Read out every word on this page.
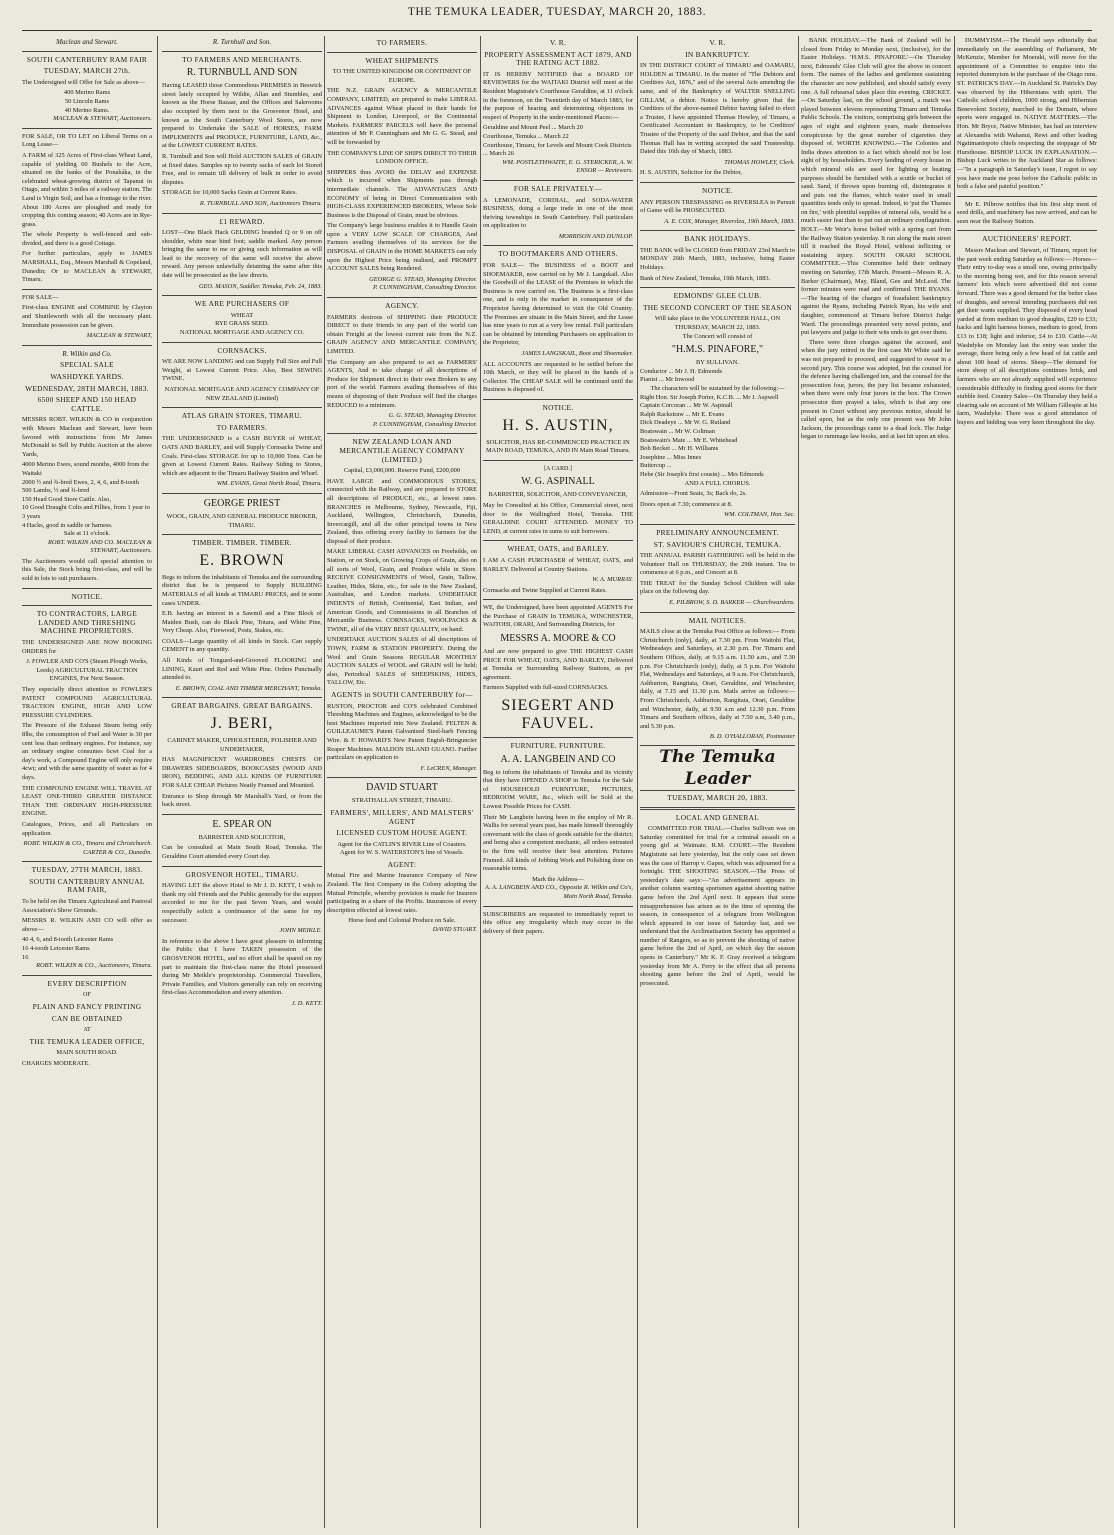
THE TEMUKA LEADER, TUESDAY, MARCH 20, 1883.
Maclean and Stewart.
SOUTH CANTERBURY RAM FAIR
TUESDAY, MARCH 27th.
The Undersigned will Offer for Sale as above—
400 Merino Rams
50 Lincoln Rams
40 Merino Rams.
MACLEAN & STEWART, Auctioneers.
FOR SALE, OR TO LET on Liberal Terms on a Long Lease—
A FARM of 325 Acres of First-class Wheat Land, capable of yielding 60 Bushels to the Acre, situated on the banks of the Ponaháka, in the celebrated wheat-growing district of Tapanui in Otago, and within 3 miles of a railway station. The Land is Virgin Soil, and has a frontage to the river. About 180 Acres are ploughed and ready for cropping this coming season; 40 Acres are in Rye-grass.
The whole Property is well-fenced and sub-divided, and there is a good Cottage.
For further particulars, apply to JAMES MARSHALL, Esq., Messrs Marshall & Copeland, Dunedin; Or to MACLEAN & STEWART, Timaru.
FOR SALE—
First-class ENGINE and COMBINE by Clayton and Shuttleworth with all the necessary plant. Immediate possession can be given.
MACLEAN & STEWART,
R. Wilkin and Co.
SPECIAL SALE
WASHDYKE YARDS.
WEDNESDAY, 28TH MARCH, 1883.
6500 SHEEP AND 150 HEAD CATTLE.
MESSRS ROBT. WILKIN & CO in conjunction with Messrs Maclean and Stewart, have been favored with instructions from Mr James McDonald to Sell by Public Auction at the above Yards,
4000 Merino Ewes, sound months, 4000 from the Waitaki
2000 ½ and ¾-bred Ewes, 2, 4, 6, and 8-tooth
500 Lambs, ½ and ¾-bred
150 Head Good Store Cattle. Also,
10 Good Draught Colts and Fillies, from 1 year to 3 years
4 Hacks, good in saddle or harness.
Sale at 11 o'clock.
ROBT. WILKIN AND CO. MACLEAN & STEWART, Auctioneers.
The Auctioneers would call special attention to this Sale, the Stock being first-class, and will be sold in lots to suit purchasers.
NOTICE.
TO CONTRACTORS, LARGE LANDED AND THRESHING MACHINE PROPRIETORS.
THE UNDERSIGNED ARE NOW BOOKING ORDERS for
J. FOWLER AND CO'S (Steam Plough Works, Leeds) AGRICULTURAL TRACTION ENGINES, For Next Season.
They especially direct attention to FOWLER'S PATENT COMPOUND AGRICULTURAL TRACTION ENGINE, HIGH AND LOW PRESSURE CYLINDERS.
The Pressure of the Exhaust Steam being only 8lbs, the consumption of Fuel and Water is 30 per cent less than ordinary engines. For instance, say an ordinary engine consumes 6cwt Coal for a day's work, a Compound Engine will only require 4cwt; and with the same quantity of water as for 4 days.
THE COMPOUND ENGINE WILL TRAVEL AT LEAST ONE-THIRD GREATER DISTANCE THAN THE ORDINARY HIGH-PRESSURE ENGINE.
Catalogues, Prices, and all Particulars on application.
ROBT. WILKIN & CO., Timaru and Christchurch. CARTER & CO., Dunedin.
TUESDAY, 27TH MARCH, 1883.
SOUTH CANTERBURY ANNUAL RAM FAIR,
To be held on the Timaru Agricultural and Pastoral Association's Show Grounds.
MESSRS R. WILKIN AND CO will offer as above—
40 4, 6, and 8-tooth Leicester Rams
16 4-tooth Leicester Rams
16
ROBT. WILKIN & CO., Auctioneers, Timaru.
EVERY DESCRIPTION
OF
PLAIN AND FANCY PRINTING
CAN BE OBTAINED
AT
THE TEMUKA LEADER OFFICE,
MAIN SOUTH ROAD.
CHARGES MODERATE.
R. Turnbull and Son.
TO FARMERS AND MERCHANTS.
R. TURNBULL AND SON
Having LEASED those Commodious PREMISES in Beswick street lately occupied by Wildie, Allan and Stumbles, and known as the Horse Bazaar, and the Offices and Salerooms also occupied by them next to the Grosvenor Hotel, and known as the South Canterbury Wool Stores, are now prepared to Undertake the SALE of HORSES, FARM IMPLEMENTS and PRODUCE, FURNITURE, LAND, &c., at the LOWEST CURRENT RATES.
R. Turnbull and Son will Hold AUCTION SALES of GRAIN at fixed dates. Samples up to twenty sacks of each lot Stored Free, and to remain till delivery of bulk in order to avoid disputes.
STORAGE for 10,000 Sacks Grain at Current Rates.
R. TURNBULL AND SON, Auctioneers Timaru.
£1 REWARD.
LOST—One Black Hack GELDING branded Q or 9 on off shoulder, white near hind foot; saddle marked. Any person bringing the same to me or giving such information as will lead to the recovery of the same will receive the above reward. Any person unlawfully detaining the same after this date will be prosecuted as the law directs.
GEO. MASON, Saddler. Temuka, Feb. 24, 1883.
WE ARE PURCHASERS OF
WHEAT
RYE GRASS SEED.
NATIONAL MORTGAGE AND AGENCY CO.
CORNSACKS.
WE ARE NOW LANDING and can Supply Full Size and Full Weight, at Lowest Current Price. Also, Best SEWING TWINE.
NATIONAL MORTGAGE AND AGENCY COMPANY OF NEW ZEALAND (Limited)
ATLAS GRAIN STORES, TIMARU.
TO FARMERS.
THE UNDERSIGNED is a CASH BUYER of WHEAT, OATS AND BARLEY, and will Supply Cornsacks Twine and Coals. First-class STORAGE for up to 10,000 Tons. Can be given at Lowest Current Rates. Railway Siding to Stores, which are adjacent to the Timaru Railway Station and Wharf.
WM. EVANS, Great North Road, Timaru.
GEORGE PRIEST
WOOL, GRAIN, AND GENERAL PRODUCE BROKER, TIMARU.
TIMBER. TIMBER. TIMBER.
E. BROWN
Begs to inform the inhabitants of Temuka and the surrounding district that he is prepared to Supply BUILDING MATERIALS of all kinds at TIMARU PRICES, and in some cases UNDER.
E.B. having an interest in a Sawmil and a Fine Block of Maiden Bush, can do Black Pine, Totara, and White Pine, Very Cheap. Also, Firewood, Posts, Stakes, etc.
COALS—Large quantity of all kinds in Stock. Can supply CEMENT in any quantity.
All Kinds of Tongued-and-Grooved FLOORING and LINING, Kauri and Red and White Pine. Orders Punctually attended to.
E. BROWN, COAL AND TIMBER MERCHANT, Temuka.
GREAT BARGAINS. GREAT BARGAINS.
J. BERI,
CABINET MAKER, UPHOLSTERER, POLISHER AND UNDERTAKER,
HAS MAGNIFICENT WARDROBES CHESTS OF DRAWERS SIDEBOARDS, BOOKCASES (WOOD AND IRON), BEDDING, AND ALL KINDS OF FURNITURE FOR SALE CHEAP. Pictures Neatly Framed and Mounted.
Entrance to Shop through Mr Marshall's Yard, or from the back street.
E. SPEAR ON
BARRISTER AND SOLICITOR,
Can be consulted at Main South Road, Temuka. The Geraldine Court attended every Court day.
GROSVENOR HOTEL, TIMARU.
HAVING LET the above Hotel to Mr J. D. KETT, I wish to thank my old Friends and the Public generally for the support accorded to me for the past Seven Years, and would respectfully solicit a continuance of the same for my successor.
JOHN MEIKLE.
In reference to the above I have great pleasure in informing the Public that I have TAKEN possession of the GROSVENOR HOTEL, and no effort shall be spared on my part to maintain the first-class name the Hotel possessed during Mr Meikle's proprietorship. Commercial Travellers, Private Families, and Visitors generally can rely on receiving first-class Accommodation and every attention.
J. D. KETT.
TO FARMERS.
WHEAT SHIPMENTS
TO THE UNITED KINGDOM OR CONTINENT OF EUROPE.
THE N.Z. GRAIN AGENCY & MERCANTILE COMPANY, LIMITED, are prepared to make LIBERAL ADVANCES against Wheat placed in their hands for Shipment to London, Liverpool, or the Continental Markets. FARMERS' PARCELS will have the personal attention of Mr P. Cunningham and Mr G. G. Stead, and will be forwarded by
THE COMPANY'S LINE OF SHIPS DIRECT TO THEIR LONDON OFFICE.
SHIPPERS thus AVOID the DELAY and EXPENSE which is incurred when Shipments pass through intermediate channels. The ADVANTAGES AND ECONOMY of being in Direct Communication with HIGH-CLASS EXPERIENCED BROKERS, Whose Sole Business is the Disposal of Grain, must be obvious.
The Company's large business enables it to Handle Grain upon a VERY LOW SCALE OF CHARGES, And Farmers availing themselves of its services for the DISPOSAL of GRAIN in the HOME MARKETS can rely upon the Highest Price being realised, and PROMPT ACCOUNT SALES being Rendered.
GEORGE G. STEAD, Managing Director.
P. CUNNINGHAM, Consulting Director.
AGENCY.
FARMERS desirous of SHIPPING their PRODUCE DIRECT to their friends in any part of the world can obtain Freight at the lowest current rate from the N.Z. GRAIN AGENCY AND MERCANTILE COMPANY, LIMITED.
The Company are also prepared to act as FARMERS' AGENTS, And to take charge of all descriptions of Produce for Shipment direct to their own Brokers to any port of the world. Farmers availing themselves of this means of disposing of their Produce will find the charges REDUCED to a minimum.
G. G. STEAD, Managing Director.
P. CUNNINGHAM, Consulting Director.
NEW ZEALAND LOAN AND MERCANTILE AGENCY COMPANY (LIMITED.)
Capital, £3,000,000. Reserve Fund, £200,000
HAVE LARGE and COMMODIOUS STORES, connected with the Railway, and are prepared to STORE all descriptions of PRODUCE, etc., at lowest rates. BRANCHES in Melbourne, Sydney, Newcastle, Fiji, Auckland, Wellington, Christchurch, Dunedin, Invercargill, and all the other principal towns in New Zealand, thus offering every facility to farmers for the disposal of their produce.
MAKE LIBERAL CASH ADVANCES on Freeholds, on Station, or on Stock, on Growing Crops of Grain, also on all sorts of Wool, Grain, and Produce while in Store. RECEIVE CONSIGNMENTS of Wool, Grain, Tallow, Leather, Hides, Skins, etc., for sale in the New Zealand, Australian, and London markets. UNDERTAKE INDENTS of British, Continental, East Indian, and American Goods, and Commissions in all Branches of Mercantile Business. CORNSACKS, WOOLPACKS & TWINE, all of the VERY BEST QUALITY, on hand.
UNDERTAKE AUCTION SALES of all descriptions of TOWN, FARM & STATION PROPERTY. During the Wool and Grain Seasons REGULAR MONTHLY AUCTION SALES of WOOL and GRAIN will be held; also, Periodical SALES of SHEEPSKINS, HIDES, TALLOW, Etc.
AGENTS in SOUTH CANTERBURY for—
RUSTON, PROCTOR and CO'S celebrated Combined Threshing Machines and Engines, acknowledged to be the best Machines imported into New Zealand. FELTEN & GUILLEAUME'S Patent Galvanised Steel-barb Fencing Wire. & F. HOWARD'S New Patent Engish-Bringuncier Reaper Machines. MALDON ISLAND GUANO. Further particulars on application to
F. LeCREN, Manager.
DAVID STUART
STRATHALLAN STREET, TIMARU.
FARMERS', MILLERS', AND MALSTERS' AGENT
LICENSED CUSTOM HOUSE AGENT.
Agent for the CATLIN'S RIVER Line of Coasters.
Agent for W. S. WATERSTON'S line of Vessels.
AGENT:
Mutual Fire and Marine Insurance Company of New Zealand. The first Company in the Colony adopting the Mutual Principle, whereby provision is made for Insurers participating in a share of the Profits. Insurances of every description effected at lowest rates.
Horse feed and Colonial Produce on Sale.
DAVID STUART.
V. R.
PROPERTY ASSESSMENT ACT 1879, AND THE RATING ACT 1882.
IT IS HEREBY NOTIFIED that a BOARD OF REVIEWERS for the WAITAKI District will meet at the Resident Magistrate's Courthouse Geraldine, at 11 o'clock in the forenoon, on the Twentieth day of March 1883, for the purpose of hearing and determining objections in respect of Property in the under-mentioned Places:—
Geraldine and Mount Peel ... March 20
Courthouse, Temuka ... March 22
Courthouse, Timaru, for Levels and Mount Cook Districts ... March 26
WM. POSTLETHWAITE, E. G. STERICKER, A. W. ENSOR — Reviewers.
FOR SALE PRIVATELY—
A LEMONADE, CORDIAL, and SODA-WATER BUSINESS, doing a large trade in one of the most thriving townships in South Canterbury. Full particulars on application to
MORRISON AND DUNLOP.
TO BOOTMAKERS AND OTHERS.
FOR SALE— The BUSINESS of a BOOT and SHOEMAKER, now carried on by Mr J. Langskail. Also the Goodwill of the LEASE of the Premises in which the Business is now carried on. The Business is a first-class one, and is only in the market in consequence of the Proprietor having determined to visit the Old Country. The Premises are situate in the Main Street, and the Lease has nine years to run at a very low rental. Full particulars can be obtained by intending Purchasers on application to the Proprietor,
JAMES LANGSKAIL, Boot and Shoemaker.
ALL ACCOUNTS are requested to be settled before the 10th March, or they will be placed in the hands of a Collector. The CHEAP SALE will be continued until the Business is disposed of.
NOTICE.
H. S. AUSTIN,
SOLICITOR, HAS RE-COMMENCED PRACTICE IN MAIN ROAD, TEMUKA, AND IN Main Road Timaru.
[A CARD.]
W. G. ASPINALL
BARRISTER, SOLICITOR, AND CONVEYANCER,
May be Consulted at his Office, Commercial street, next door to the Wallingford Hotel, Temuka. THE GERALDINE COURT ATTENDED. MONEY TO LEND, at current rates in sums to suit borrowers.
WHEAT, OATS, and BARLEY.
I AM A CASH PURCHASER of WHEAT, OATS, and BARLEY. Delivered at Country Stations.
W. A. MURRAY.
Cornsacks and Twine Supplied at Current Rates.
WE, the Undersigned, have been appointed AGENTS For the Purchase of GRAIN In TEMUKA, WINCHESTER, WAITOHI, ORARI, And Surrounding Districts, for
MESSRS A. MOORE & CO
And are now prepared to give THE HIGHEST CASH PRICE FOR WHEAT, OATS, AND BARLEY, Delivered at Temuka or Surrounding Railway Stations, as per agreement.
Farmers Supplied with full-sized CORNSACKS.
SIEGERT AND FAUVEL.
FURNITURE. FURNITURE.
A. A. LANGBEIN AND CO
Beg to inform the inhabitants of Temuka and its vicinity that they have OPENED A SHOP in Temuka for the Sale of HOUSEHOLD FURNITURE, PICTURES, BEDROOM WARE, &c., which will be Sold at the Lowest Possible Prices for CASH.
Their Mr Langbein having been in the employ of Mr R. Wallis for several years past, has made himself thoroughly conversant with the class of goods suitable for the district; and being also a competent mechanic, all orders entrusted to the firm will receive their best attention. Pictures Framed. All kinds of Jobbing Work and Polishing done on reasonable terms.
Mark the Address—
A. A. LANGBEIN AND CO., Opposite R. Wilkin and Co's, Main North Road, Temuka.
SUBSCRIBERS are requested to immediately report to this office any irregularity which may occur in the delivery of their papers.
V. R.
IN BANKRUPTCY.
IN THE DISTRICT COURT of TIMARU and OAMARU, HOLDEN at TIMARU. In the matter of "The Debtors and Creditors Act, 1876," and of the several Acts amending the same, and of the Bankruptcy of WALTER SNELLING GILLAM, a debtor. Notice is hereby given that the Creditors of the above-named Debtor having failed to elect a Trustee, I have appointed Thomas Howley, of Timaru, a Certificated Accountant in Bankruptcy, to be Creditors' Trustee of the Property of the said Debtor, and that the said Thomas Hall has in writing accepted the said Trusteeship. Dated this 16th day of March, 1883.
THOMAS HOWLEY, Clerk.
H. S. AUSTIN, Solicitor for the Debtor,
NOTICE.
ANY PERSON TRESPASSING on RIVERSLEA in Pursuit of Game will be PROSECUTED.
A. E. COX, Manager, Riverslea, 19th March, 1883.
BANK HOLIDAYS.
THE BANK will be CLOSED from FRIDAY 23rd March to MONDAY 26th March, 1883, inclusive, being Easter Holidays.
Bank of New Zealand, Temuka, 19th March, 1883.
EDMONDS' GLEE CLUB.
THE SECOND CONCERT OF THE SEASON
Will take place in the VOLUNTEER HALL, ON THURSDAY, MARCH 22, 1883.
The Concert will consist of
"H.M.S. PINAFORE,"
BY SULLIVAN.
Conductor ... Mr J. H. Edmonds
Pianist ... Mr Inwood
The characters will be sustained by the following:—
Right Hon. Sir Joseph Porter, K.C.B. ... Mr J. Aspwell
Captain Corcoran ... Mr W. Aspinall
Ralph Rackstraw ... Mr E. Evans
Dick Deadeye ... Mr W. G. Rutland
Boatswain ... Mr W. Coltman
Boatswain's Mate ... Mr E. Whitehead
Bob Becket ... Mr H. Williams
Josephine ... Miss Innes
Buttercup ...
Hebe (Sir Joseph's first cousin) ... Mrs Edmonds
AND A FULL CHORUS.
Admission—Front Seats, 3s; Back do, 2s.
Doors open at 7.30; commence at 8.
WM. COLTMAN, Hon. Sec.
PRELIMINARY ANNOUNCEMENT.
ST. SAVIOUR'S CHURCH, TEMUKA.
THE ANNUAL PARISH GATHERING will be held in the Volunteer Hall on THURSDAY, the 29th instant. Tea to commence at 6 p.m., and Concert at 8.
THE TREAT for the Sunday School Children will take place on the following day.
E. PILBROW, S. D. BARKER — Churchwardens.
MAIL NOTICES.
MAILS close at the Temuka Post Office as follows:— From Christchurch (only), daily, at 7.30 pm. From Waitohi Flat, Wednesdays and Saturdays, at 2.30 p.m. For Timaru and Southern Offices, daily, at 9.15 a.m. 11.50 a.m., and 7.30 p.m. For Christchurch (only), daily, at 5 p.m. For Waitohi Flat, Wednesdays and Saturdays, at 9 a.m. For Christchurch, Ashburton, Rangitata, Orari, Geraldine, and Winchester, daily, at 7.15 and 11.30 p.m. Mails arrive as follows:— From Christchurch, Ashburton, Rangitata, Orari, Geraldine and Winchester, daily, at 9.50 a.m and 12.30 p.m. From Timaru and Southern offices, daily at 7.50 a.m, 3.40 p.m., and 5.30 p.m.
B. D. O'HALLORAN, Postmaster
The Temuka Leader
TUESDAY, MARCH 20, 1883.
LOCAL AND GENERAL
COMMITTED FOR TRIAL.—Charles Sullivan was on Saturday committed for trial for a criminal assault on a young girl at Waimate. R.M. COURT.—The Resident Magistrate sat here yesterday, but the only case set down was the case of Harrop v. Gapes, which was adjourned for a fortnight. THE SHOOTING SEASON.—The Press of yesterday's date says:—"An advertisement appears in another column warning sportsmen against shooting native game before the 2nd April next. It appears that some misapprehension has arisen as to the time of opening the season, in consequence of a telegram from Wellington which appeared in our issue of Saturday last, and we understand that the Acclimatisation Society has appointed a number of Rangers, so as to prevent the shooting of native game before the 2nd of April, on which day the season opens in Canterbury." Mr K. F. Gray received a telegram yesterday from Mr A. Ferry to the effect that all persons shooting game before the 2nd of April, would be prosecuted.
BANK HOLIDAY.—The Bank of Zealand will be closed from Friday to Monday next, (inclusive), for the Easter Holidays. 'H.M.S. PINAFORE.'—On Thursday next, Edmonds' Glee Club will give the above in concert form. The names of the ladies and gentlemen sustaining the character are now published, and should satisfy every one. A full rehearsal takes place this evening. CRICKET.—On Saturday last, on the school ground, a match was played between elevens representing Timaru and Temuka Public Schools. The visitors, comprising girls between the ages of eight and eighteen years, made themselves conspicuous by the great number of cigarettes they disposed of. WORTH KNOWING.—The Colonies and India draws attention to a fact which should not be lost sight of by householders. Every landing of every house in which mineral oils are used for lighting or heating purposes should be furnished with a scuttle or bucket of sand. Sand, if thrown upon burning oil, disintegrates it and puts out the flames, which water used in small quantities tends only to spread. Indeed, to 'put the Thames on fire,' with plentiful supplies of mineral oils, would be a much easier feat than to put out an ordinary conflagration. BOLT.—Mr Weir's horse bolted with a spring cart from the Railway Station yesterday. It ran along the main street till it reached the Royal Hotel, without inflicting or sustaining injury. SOUTH ORARI SCHOOL COMMITTEE.—This Committee held their ordinary meeting on Saturday, 17th March. Present—Messrs R. A. Barker (Chairman), May, Bland, Gee and McLeod. The former minutes were read and confirmed. THE RYANS.—The hearing of the charges of fraudulent bankruptcy against the Ryans, including Patrick Ryan, his wife and daughter, commenced at Timaru before District Judge Ward. The proceedings presented very novel points, and put lawyers and judge to their wits ends to get over them.
There were three charges against the accused, and when the jury retired in the first case Mr White said he was not prepared to proceed, and suggested to swear in a second jury. This course was adopted, but the counsel for the defence having challenged ten, and the counsel for the prosecution four, jurors, the jury list became exhausted, when there were only four jurors in the box. The Crown prosecutor then prayed a tales, which is that any one present in Court without any previous notice, should be called upon, but as the only one present was Mr John Jackson, the proceedings came to a dead lock. The Judge began to rummage law books, and at last hit upon an idea.
DUMMYISM.—The Herald says editorially that immediately on the assembling of Parliament, Mr McKenzie, Member for Moeraki, will move for the appointment of a Committee to enquire into the reported dummyism in the purchase of the Otago runs. ST. PATRICK'S DAY.—In Auckland St. Patrick's Day was observed by the Hibernians with spirit. The Catholic school children, 1000 strong, and Hibernian Benevolent Society, marched to the Domain, where sports were engaged in. NATIVE MATTERS.—The Hon. Mr Bryce, Native Minister, has had an interview at Alexandra with Wahanui, Rewi and other leading Ngatimaniopoto chiefs respecting the stoppage of Mr Hursthouse. BISHOP LUCK IN EXPLANATION.—Bishop Luck writes to the Auckland Star as follows:—"In a paragraph in Saturday's issue, I regret to say you have made me pose before the Catholic public in both a false and painful position."
Mr E. Pilbrow notifies that his first ship ment of seed drills, and machinery has now arrived, and can be seen near the Railway Station.
AUCTIONEERS' REPORT.
Messrs Maclean and Stewart, of Timaru, report for the past week ending Saturday as follows:— Horses—Their entry to-day was a small one, owing principally to the morning being wet, and for this reason several farmers' lots which were advertised did not come forward. There was a good demand for the better class of draughts, and several intending purchasers did not get their wants supplied. They disposed of every head yarded at from medium to good draughts, £20 to £33; hacks and light harness horses, medium to good, from £13 to £18; light and inferior, £4 to £10. Cattle—At Washdyke on Monday last the entry was under the average, there being only a few head of fat cattle and about 100 head of stores. Sheep—The demand for store sheep of all descriptions continues brisk, and farmers who are not already supplied will experience considerable difficulty in finding good stores for their stubble feed. Country Sales—On Thursday they held a clearing sale on account of Mr William Gillespie at his farm, Washdyke. There was a good attendance of buyers and bidding was very keen throughout the day.
